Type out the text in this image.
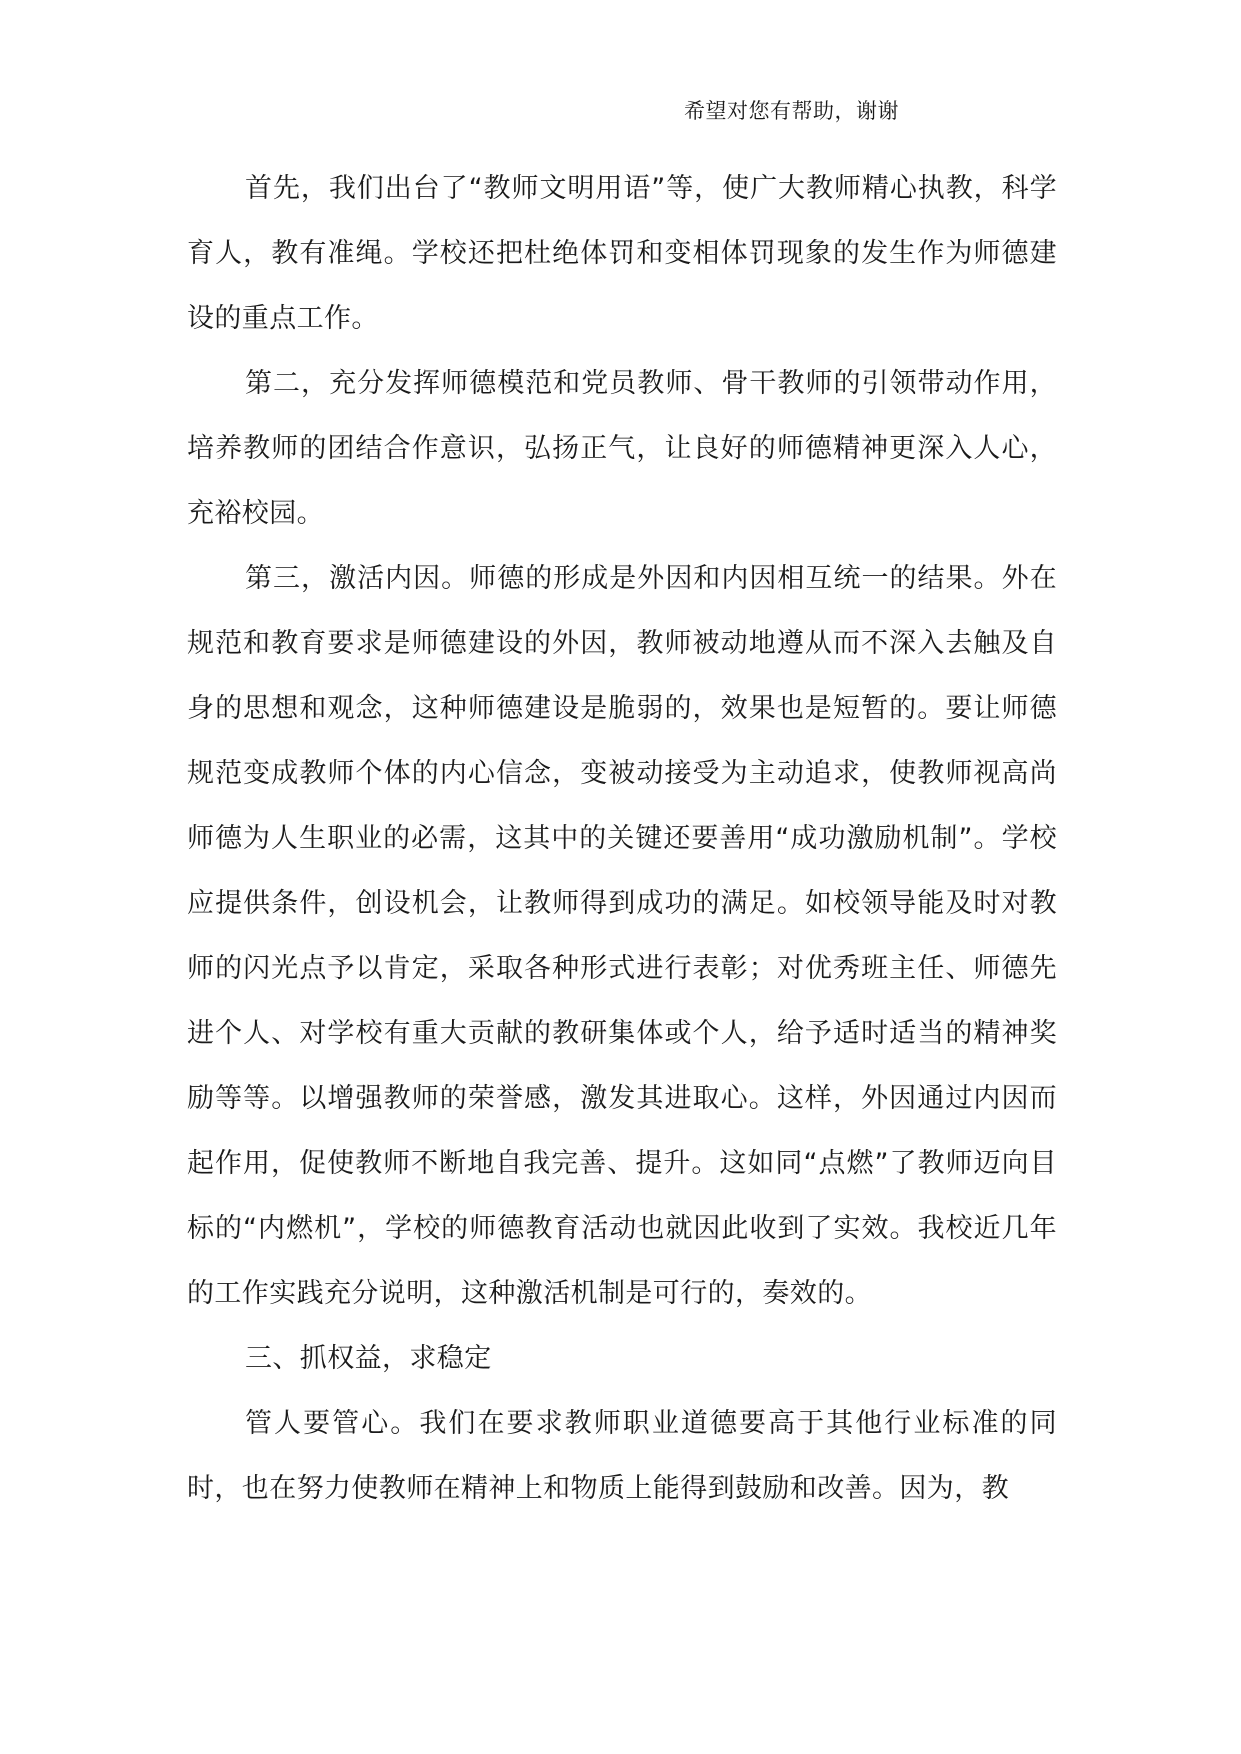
希望对您有帮助，谢谢

首先，我们出台了“教师文明用语”等，使广大教师精心执教，科学育人，教有准绳。学校还把杜绝体罚和变相体罚现象的发生作为师德建设的重点工作。

第二，充分发挥师德模范和党员教师、骨干教师的引领带动作用，培养教师的团结合作意识，弘扬正气，让良好的师德精神更深入人心，充裕校园。

第三，激活内因。师德的形成是外因和内因相互统一的结果。外在规范和教育要求是师德建设的外因，教师被动地遵从而不深入去触及自身的思想和观念，这种师德建设是脆弱的，效果也是短暂的。要让师德规范变成教师个体的内心信念，变被动接受为主动追求，使教师视高尚师德为人生职业的必需，这其中的关键还要善用“成功激励机制”。学校应提供条件，创设机会，让教师得到成功的满足。如校领导能及时对教师的闪光点予以肯定，采取各种形式进行表彰；对优秀班主任、师德先进个人、对学校有重大贡献的教研集体或个人，给予适时适当的精神奖励等等。以增强教师的荣誉感，激发其进取心。这样，外因通过内因而起作用，促使教师不断地自我完善、提升。这如同“点燃”了教师迈向目标的“内燃机”，学校的师德教育活动也就因此收到了实效。我校近几年的工作实践充分说明，这种激活机制是可行的，奏效的。

三、抓权益，求稳定

管人要管心。我们在要求教师职业道德要高于其他行业标准的同时，也在努力使教师在精神上和物质上能得到鼓励和改善。因为，教
